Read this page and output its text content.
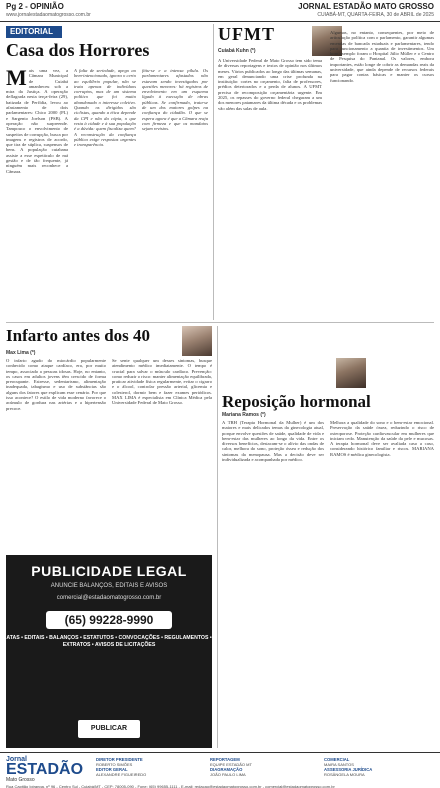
Pg 2 - OPINIÃO
www.jornalestadaomatogrosso.com.br
JORNAL ESTADÃO MATO GROSSO
CUIABÁ-MT, QUARTA-FEIRA, 30 de ABRIL de 2025
EDITORIAL
Casa dos Horrores
Mais uma vez, a Câmara Municipal de Cuiabá amanheceu sob a mira da Justiça. A operação deflagrada nesta terça-feira (29), batizada de Perfídia, levou ao afastamento de dois parlamentares: Chico 2000 (PL) e Sargento Joelson (PSB). A operação não surpreende. Tampouco o envolvimento de suspeitos de corrupção, busca por imagens e registros de acordo, que tira de súplica, suspensos de bens. A população cuiabana assiste a esse espetáculo de má gestão e de tão frequente, já ninguém mais reconhece a Câmara.
A falta de seriedade, apego ao bem-intencionado, ignora o certo ao equilíbrio popular, não se trata apenas de indivíduos corruptos, mas de um sistema político que foi muito abandonado o interesse coletivo. Quando os dirigidos são ciclistas, quando a ética depende da CPI e não da cópia, o que resta à cidade e à sua população é a dúvida: quem fiscaliza quem? A reconstrução da confiança pública exige respostas urgentes e transparência.
fitiu-se e a intensa pílula. Os parlamentares afastados não estavam sendo investigados por questões menores: há registros de envolvimento em um esquema ligado à execução de obras públicas. Se confirmado, trata-se de um dos maiores golpes na confiança do cidadão. O que se espera agora é que a Câmara reaja com firmeza e que os mandatos sejam revistos.
UFMT
Cuiabá Kuhn (*)
A Universidade Federal de Mato Grosso tem sido tema de diversas reportagens e textos de opinião nos últimos meses. Vários publicados ao longo das últimas semanas, em geral denunciando uma crise profunda na instituição: cortes no orçamento, falta de professores, prédios deteriorados e a perda de alunos. A UFMT precisa de recomposição orçamentária urgente. Em 2025, os repasses do governo federal chegaram a um dos menores patamares da última década e os problemas vão além das salas de aula.
Algumas, no entanto, consequentes, por meio de articulação política com o parlamento, garantir algumas emendas de bancada estaduais e parlamentares, tendo para funcionamento a quantia de investimentos. Um bom exemplo foram o Hospital Júlio Müller e o Centro de Pesquisa do Pantanal. Os valores, embora importantes, estão longe de cobrir as demandas reais da universidade, que ainda depende de recursos federais para pagar contas básicas e manter os cursos funcionando.
Infarto antes dos 40
Max Lima (*)
O infarto agudo do miocárdio popularmente conhecido como ataque cardíaco, era, por muito tempo, associado a pessoas idosas. Hoje, no entanto, os casos em adultos jovens têm crescido de forma preocupante. Estresse, sedentarismo, alimentação inadequada, tabagismo e uso de substâncias são alguns dos fatores que explicam esse cenário. Por que isso acontece? O estilo de vida moderno favorece o acúmulo de gordura nas artérias e a hipertensão precoce.
Se sente qualquer um desses sintomas, busque atendimento médico imediatamente. O tempo é crucial para salvar o músculo cardíaco. Prevenção: como reduzir o risco: manter alimentação equilibrada, praticar atividade física regularmente, evitar o cigarro e o álcool, controlar pressão arterial, glicemia e colesterol, dormir bem e fazer exames periódicos. MAX LIMA é especialista em Clínica Médica pela Universidade Federal de Mato Grosso.	Reposição hormonal
Mariana Ramos (*)
A TRH (Terapia Hormonal da Mulher) é um dos maiores e mais delicados temas da ginecologia atual, porque envolve questões de saúde, qualidade de vida e bem-estar das mulheres ao longo da vida. Entre os diversos benefícios, destacam-se o alívio das ondas de calor, melhora do sono, proteção óssea e redução dos sintomas da menopausa. Mas a decisão deve ser individualizada e acompanhada por médico.
Melhora a qualidade do sono e o bem-estar emocional. Preservação da saúde óssea, reduzindo o risco de osteoporose. Proteção cardiovascular em mulheres que iniciam cedo. Manutenção da saúde da pele e mucosas. A terapia hormonal deve ser avaliada caso a caso, considerando histórico familiar e riscos. MARIANA RAMOS é médica ginecologista.
PUBLICIDADE LEGAL
ANUNCIE BALANÇOS, EDITAIS E AVISOS
comercial@estadaomatogrosso.com.br
(65) 99228-9990
ATAS • EDITAIS • BALANÇOS • ESTATUTOS • CONVOCAÇÕES • REGULAMENTOS • EXTRATOS • AVISOS DE LICITAÇÕES
PUBLICAR
Jornal
ESTADÃO
Mato Grosso
DIRETOR PRESIDENTE
ROBERTO SIMÕES
EDITOR GERAL
ALEXANDRE FIGUEIREDO
REPORTAGEM
EQUIPE ESTADÃO MT
DIAGRAMAÇÃO
JOÃO PAULO LIMA
COMERCIAL
MAIRA SANTOS
ASSESSORIA JURÍDICA
ROSÂNGELA MOURA
Rua Capitão Ipiranga, nº 96 - Centro Sul - Cuiabá/MT - CEP: 78005-090 - Fone: (65) 99655-1111 - E-mail: redacao@estadaomatogrosso.com.br - comercial@estadaomatogrosso.com.br
